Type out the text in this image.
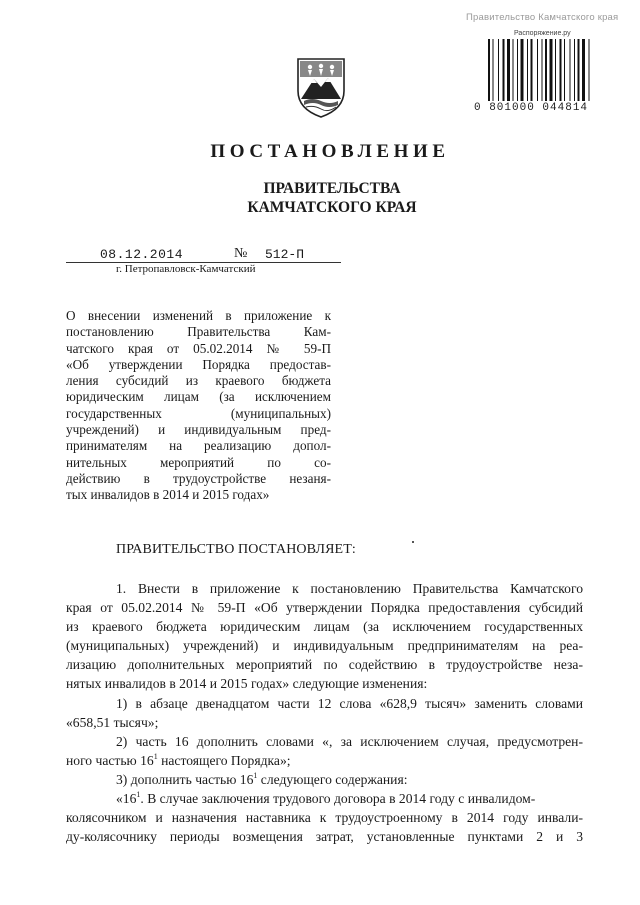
Правительство Камчатского края
Распоряжение.ру
0 801000 044814
ПОСТАНОВЛЕНИЕ
ПРАВИТЕЛЬСТВА
КАМЧАТСКОГО КРАЯ
08.12.2014	№ 512-П
г. Петропавловск-Камчатский
О внесении изменений в приложение к
постановлению Правительства Кам-
чатского края от 05.02.2014 № 59-П
«Об утверждении Порядка предостав-
ления субсидий из краевого бюджета
юридическим лицам (за исключением
государственных (муниципальных)
учреждений) и индивидуальным пред-
принимателям на реализацию допол-
нительных мероприятий по со-
действию в трудоустройстве незаня-
тых инвалидов в 2014 и 2015 годах»
ПРАВИТЕЛЬСТВО ПОСТАНОВЛЯЕТ:
1. Внести в приложение к постановлению Правительства Камчатского
края от 05.02.2014 № 59-П «Об утверждении Порядка предоставления субсидий
из краевого бюджета юридическим лицам (за исключением государственных
(муниципальных) учреждений) и индивидуальным предпринимателям на реа-
лизацию дополнительных мероприятий по содействию в трудоустройстве неза-
нятых инвалидов в 2014 и 2015 годах» следующие изменения:
1) в абзаце двенадцатом части 12 слова «628,9 тысяч» заменить словами
«658,51 тысяч»;
2) часть 16 дополнить словами «, за исключением случая, предусмотрен-
ного частью $16^1$ настоящего Порядка»;
3) дополнить частью $16^1$ следующего содержания:
«$16^1$. В случае заключения трудового договора в 2014 году с инвалидом-
колясочником и назначения наставника к трудоустроенному в 2014 году инвали-
ду-колясочнику периоды возмещения затрат, установленные пунктами 2 и 3
